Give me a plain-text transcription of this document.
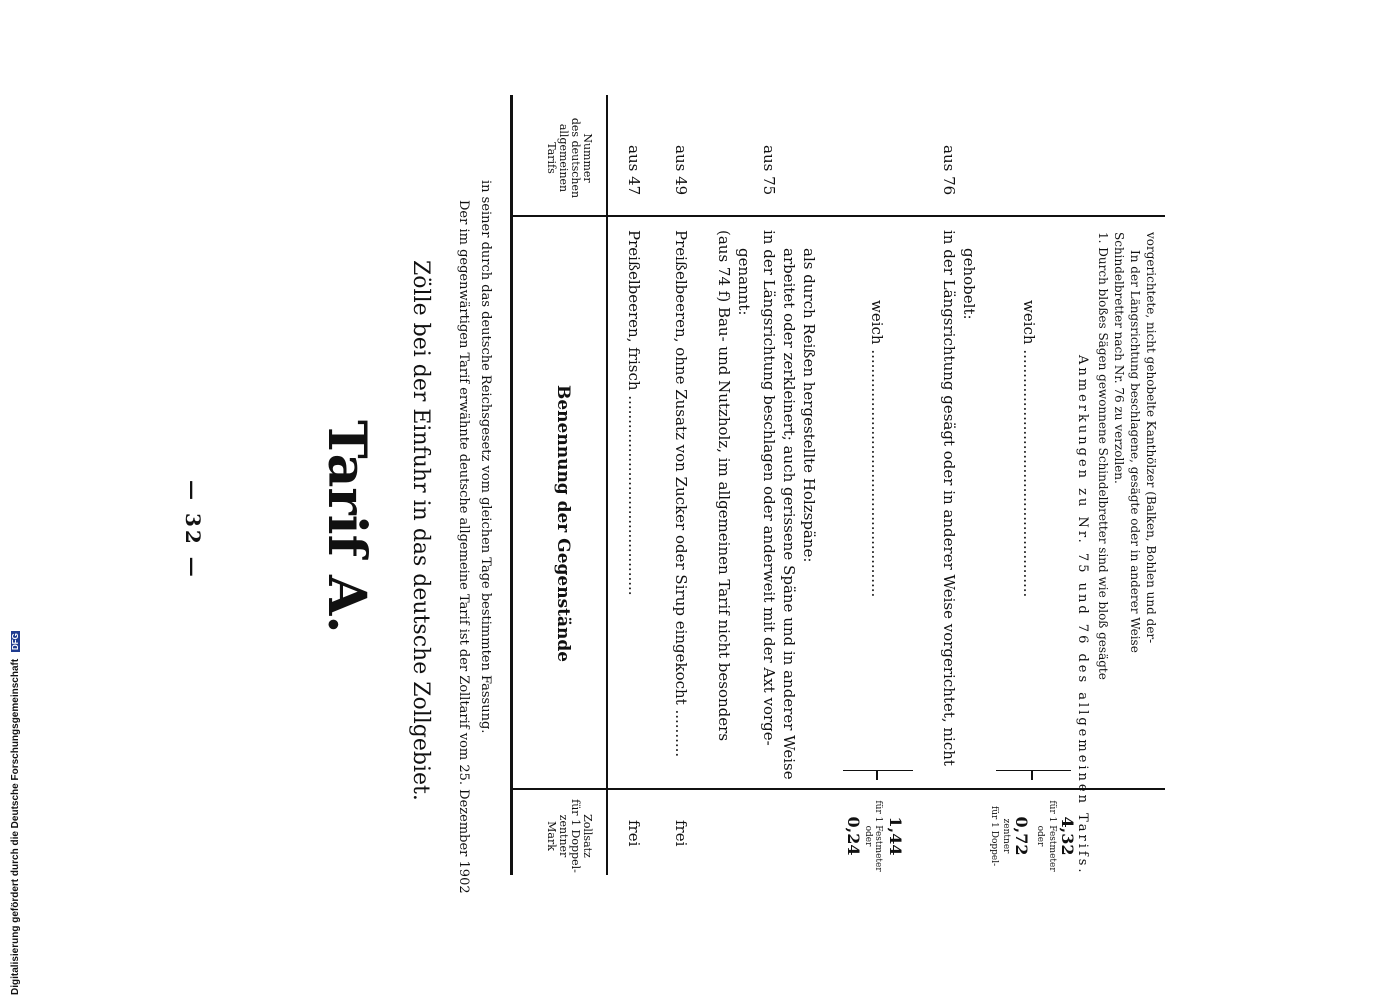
— 32 — Tarif A. Zölle bei der Einfuhr in das deutsche Zollgebiet. Der im gegenwärtigen Tarif erwähnte deutsche allgemeine Tarif ist der Zolltarif vom 25. Dezember 1902 in seiner durch das deutsche Reichsgesetz vom gleichen Tage bestimmten Fassung.
Nummer
des deutschen
allgemeinen
Tarifs
Benennung der Gegenstände
Zollsatz
für 1 Doppel-
zentner
Mark
aus 47
Preißelbeeren, frisch ..........................................
frei
aus 49
Preißelbeeren, ohne Zusatz von Zucker oder Sirup eingekocht ..........
frei
(aus 74 f) Bau- und Nutzholz, im allgemeinen Tarif nicht besonders genannt:
aus 75
in der Längsrichtung beschlagen oder anderweit mit der Axt vorge- arbeitet oder zerkleinert; auch gerissene Späne und in anderer Weise als durch Reißen hergestellte Holzspäne:	weich ....................................................
für 1 Festmeter
0,24 oder 1,44
aus 76
in der Längsrichtung gesägt oder in anderer Weise vorgerichtet, nicht gehobelt:
weich ....................................................
für 1 Doppel- zentner 0,72 oder für 1 Festmeter 4,32
Anmerkungen zu Nr. 75 und 76 des allgemeinen Tarifs. 1. Durch bloßes Sägen gewonnene Schindelbretter sind wie bloß gesägte Schindelbretter nach Nr. 76 zu verzollen. In der Längsrichtung beschlagene, gesägte oder in anderer Weise vorgerichtete, nicht gehobelte Kanthölzer (Balken, Bohlen und der-
Digitalisierung gefördert durch die Deutsche Forschungsgemeinschaft DFG
